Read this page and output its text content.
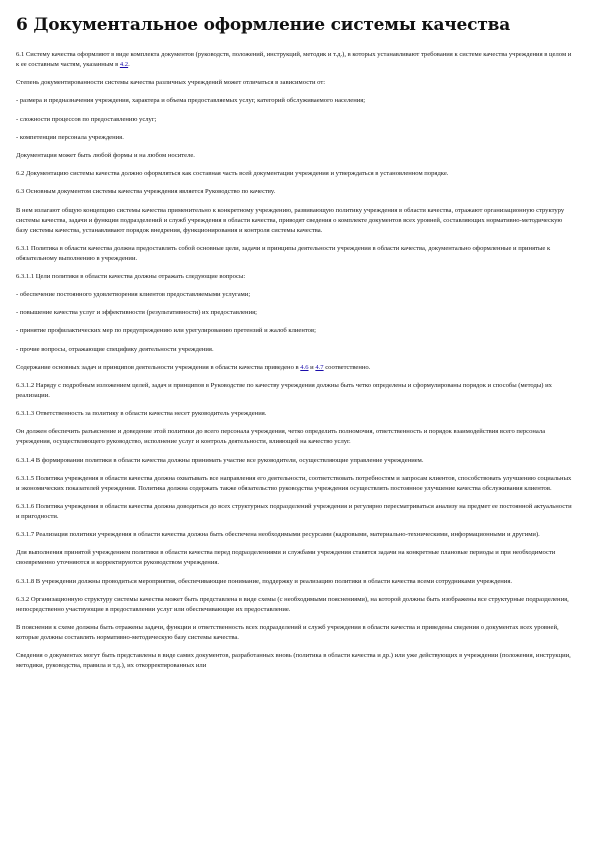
6 Документальное оформление системы качества

6.1 Систему качества оформляют в виде комплекта документов (руководств, положений, инструкций, методик и т.д.), в которых устанавливают требования к системе качества учреждения в целом и к ее составным частям, указанным в 4.2.

Степень документированности системы качества различных учреждений может отличаться в зависимости от:

- размера и предназначения учреждения, характера и объема предоставляемых услуг, категорий обслуживаемого населения;

- сложности процессов по предоставлению услуг;

- компетенции персонала учреждения.

Документация может быть любой формы и на любом носителе.

6.2 Документацию системы качества должно оформляться как составная часть всей документации учреждения и утверждаться в установленном порядке.

6.3 Основным документом системы качества учреждения является Руководство по качеству.

В нем излагают общую концепцию системы качества применительно к конкретному учреждению, развивающую политику учреждения в области качества, отражают организационную структуру системы качества, задачи и функции подразделений и служб учреждения в области качества, приводят сведения о комплекте документов всех уровней, составляющих нормативно-методическую базу системы качества, устанавливают порядок внедрения, функционирования и контроля системы качества.

6.3.1 Политика в области качества должна предоставлять собой основные цели, задачи и принципы деятельности учреждения в области качества, документально оформленные и принятые к обязательному выполнению в учреждении.

6.3.1.1 Цели политики в области качества должны отражать следующие вопросы:

- обеспечение постоянного удовлетворения клиентов предоставляемыми услугами;

- повышение качества услуг и эффективности (результативности) их предоставления;

- принятие профилактических мер по предупреждению или урегулированию претензий и жалоб клиентов;

- прочие вопросы, отражающие специфику деятельности учреждения.

Содержание основных задач и принципов деятельности учреждения в области качества приведено в 4.6 и 4.7 соответственно.

6.3.1.2 Наряду с подробным изложением целей, задач и принципов в Руководстве по качеству учреждения должны быть четко определены и сформулированы порядок и способы (методы) их реализации.

6.3.1.3 Ответственность за политику в области качества несет руководитель учреждения.

Он должен обеспечить разъяснение и доведение этой политики до всего персонала учреждения, четко определить полномочия, ответственность и порядок взаимодействия всего персонала учреждения, осуществляющего руководство, исполнение услуг и контроль деятельности, влияющей на качество услуг.

6.3.1.4 В формировании политики в области качества должны принимать участие все руководители, осуществляющие управление учреждением.

6.3.1.5 Политика учреждения в области качества должна охватывать все направления его деятельности, соответствовать потребностям и запросам клиентов, способствовать улучшению социальных и экономических показателей учреждения. Политика должна содержать также обязательство руководства учреждения осуществлять постоянное улучшение качества обслуживания клиентов.

6.3.1.6 Политика учреждения в области качества должна доводиться до всех структурных подразделений учреждения и регулярно пересматриваться анализу на предмет ее постоянной актуальности и пригодности.

6.3.1.7 Реализация политики учреждения в области качества должна быть обеспечена необходимыми ресурсами (кадровыми, материально-техническими, информационными и другими).

Для выполнения принятой учреждением политики в области качества перед подразделениями и службами учреждения ставятся задачи на конкретные плановые периоды и при необходимости своевременно уточняются и корректируются руководством учреждения.

6.3.1.8 В учреждении должны проводиться мероприятия, обеспечивающие понимание, поддержку и реализацию политики в области качества всеми сотрудниками учреждения.

6.3.2 Организационную структуру системы качества может быть представлена в виде схемы (с необходимыми пояснениями), на которой должны быть изображены все структурные подразделения, непосредственно участвующие в предоставлении услуг или обеспечивающие их предоставление.

В пояснении к схеме должны быть отражены задачи, функции и ответственность всех подразделений и служб учреждения в области качества и приведены сведения о документах всех уровней, которые должны составлять нормативно-методическую базу системы качества.

Сведения о документах могут быть представлены в виде самих документов, разработанных вновь (политика в области качества и др.) или уже действующих в учреждении (положения, инструкции, методики, руководства, правила и т.д.), их откорректированных или
